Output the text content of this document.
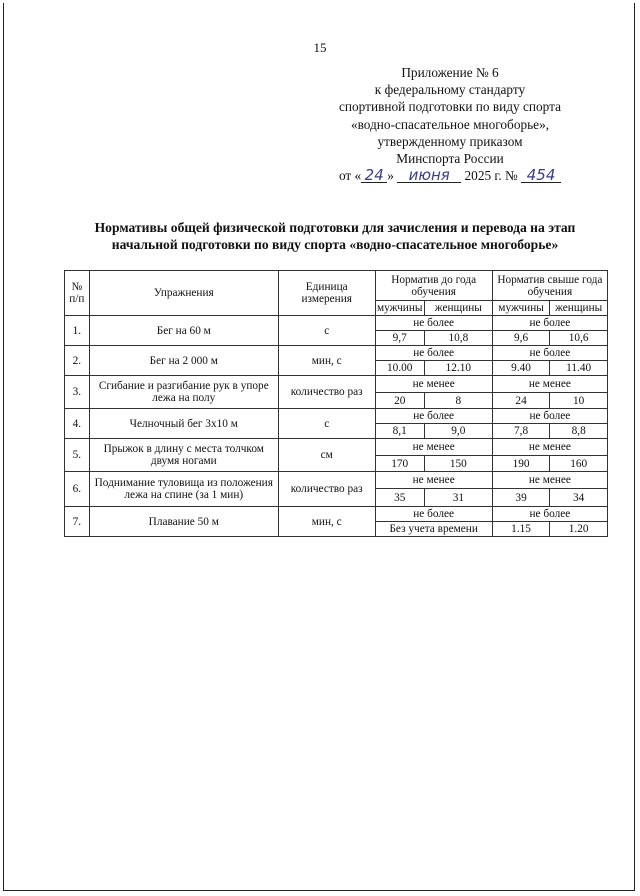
15
Приложение № 6
к федеральному стандарту
спортивной подготовки по виду спорта
«водно-спасательное многоборье»,
утвержденному приказом
Минспорта России
от « 24 » июня 2025 г. № 454
Нормативы общей физической подготовки для зачисления и перевода на этап начальной подготовки по виду спорта «водно-спасательное многоборье»
№ п/п	Упражнения	Единица измерения	Норматив до года обучения		Норматив свыше года обучения	
			мужчины	женщины	мужчины	женщины
1.	Бег на 60 м	с	не более		не более	
			9,7	10,8	9,6	10,6
2.	Бег на 2 000 м	мин, с	не более		не более	
			10.00	12.10	9.40	11.40
3.	Сгибание и разгибание рук в упоре лежа на полу	количество раз	не менее		не менее	
			20	8	24	10
4.	Челночный бег 3x10 м	с	не более		не более	
			8,1	9,0	7,8	8,8
5.	Прыжок в длину с места толчком двумя ногами	см	не менее		не менее	
			170	150	190	160
6.	Поднимание туловища из положения лежа на спине (за 1 мин)	количество раз	не менее		не менее	
			35	31	39	34
7.	Плавание 50 м	мин, с	не более		не более	
			Без учета времени		1.15	1.20
